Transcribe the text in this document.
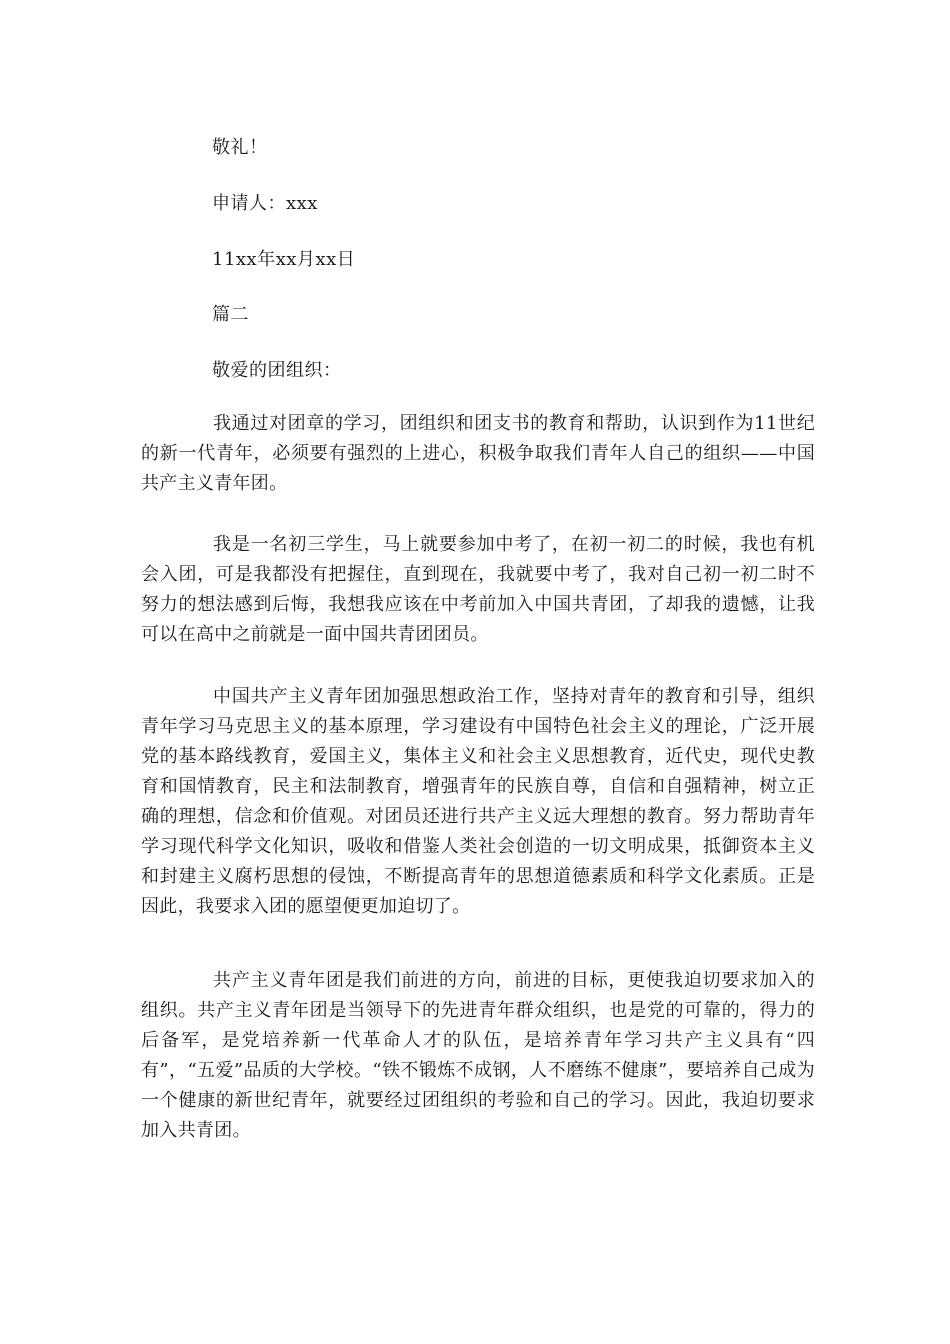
敬礼！
申请人：xxx
11xx年xx月xx日
篇二
敬爱的团组织：
我通过对团章的学习，团组织和团支书的教育和帮助，认识到作为11世纪的新一代青年，必须要有强烈的上进心，积极争取我们青年人自己的组织——中国共产主义青年团。
我是一名初三学生，马上就要参加中考了，在初一初二的时候，我也有机会入团，可是我都没有把握住，直到现在，我就要中考了，我对自己初一初二时不努力的想法感到后悔，我想我应该在中考前加入中国共青团，了却我的遗憾，让我可以在高中之前就是一面中国共青团团员。
中国共产主义青年团加强思想政治工作，坚持对青年的教育和引导，组织青年学习马克思主义的基本原理，学习建设有中国特色社会主义的理论，广泛开展党的基本路线教育，爱国主义，集体主义和社会主义思想教育，近代史，现代史教育和国情教育，民主和法制教育，增强青年的民族自尊，自信和自强精神，树立正确的理想，信念和价值观。对团员还进行共产主义远大理想的教育。努力帮助青年学习现代科学文化知识，吸收和借鉴人类社会创造的一切文明成果，抵御资本主义和封建主义腐朽思想的侵蚀，不断提高青年的思想道德素质和科学文化素质。正是因此，我要求入团的愿望便更加迫切了。
共产主义青年团是我们前进的方向，前进的目标，更使我迫切要求加入的组织。共产主义青年团是当领导下的先进青年群众组织，也是党的可靠的，得力的后备军，是党培养新一代革命人才的队伍，是培养青年学习共产主义具有“四有”，“五爱”品质的大学校。“铁不锻炼不成钢，人不磨练不健康”，要培养自己成为一个健康的新世纪青年，就要经过团组织的考验和自己的学习。因此，我迫切要求加入共青团。
